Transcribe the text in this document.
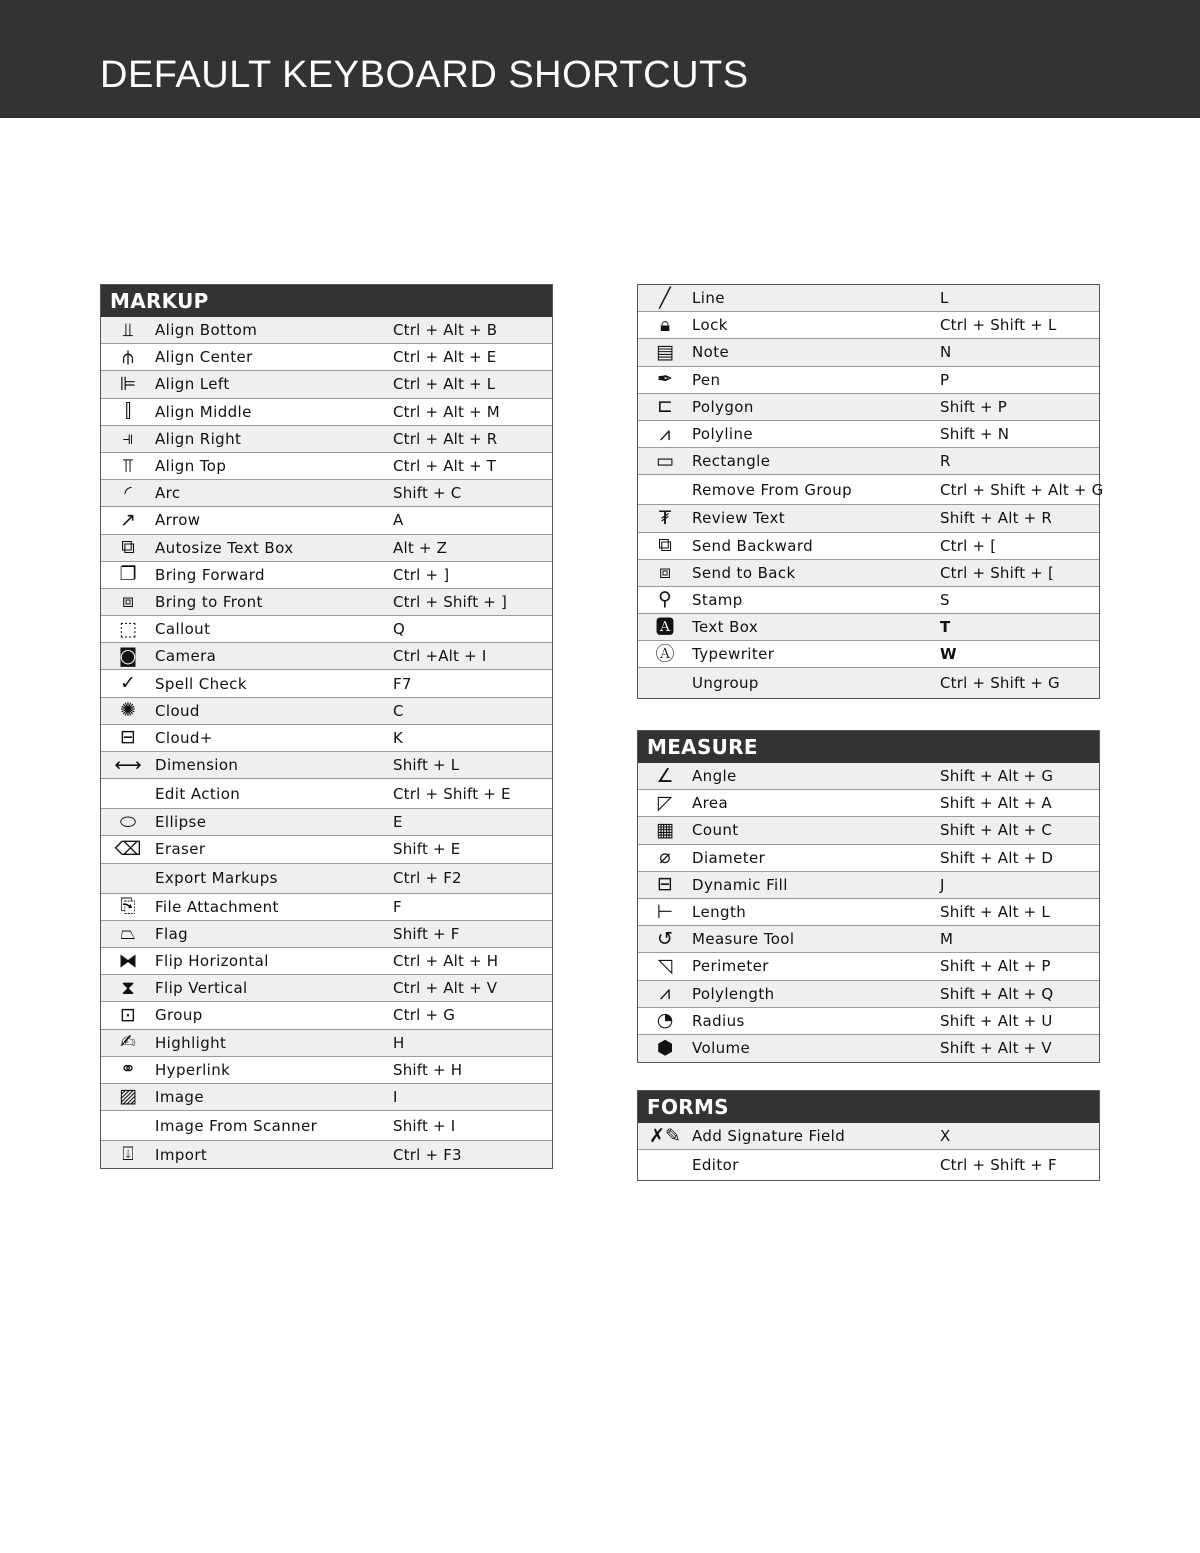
DEFAULT KEYBOARD SHORTCUTS
MARKUP
⫫	Align Bottom	Ctrl + Alt + B
⫛	Align Center	Ctrl + Alt + E
⊫	Align Left	Ctrl + Alt + L
⫿	Align Middle	Ctrl + Alt + M
⫣	Align Right	Ctrl + Alt + R
⫪	Align Top	Ctrl + Alt + T
◜	Arc	Shift + C
↗	Arrow	A
⧉	Autosize Text Box	Alt + Z
❐	Bring Forward	Ctrl + ]
⧈	Bring to Front	Ctrl + Shift + ]
⬚	Callout	Q
◙	Camera	Ctrl +Alt + I
✓	Spell Check	F7
✺	Cloud	C
⊟	Cloud+	K
⟷ Dimension	Shift + L
Edit Action	Ctrl + Shift + E
⬭	Ellipse	E
⌫ Eraser	Shift + E
Export Markups	Ctrl + F2
⎘	File Attachment	F
⏢	Flag	Shift + F
⧓	Flip Horizontal	Ctrl + Alt + H
⧗	Flip Vertical	Ctrl + Alt + V
⊡	Group	Ctrl + G
✍	Highlight	H
⚭	Hyperlink	Shift + H
▨	Image	I
Image From Scanner	Shift + I
⍗	Import	Ctrl + F3
╱	Line	L
🔒︎	Lock	Ctrl + Shift + L
▤	Note	N
✒	Pen	P
⊏	Polygon	Shift + P
⩘	Polyline	Shift + N
▭	Rectangle	R
Remove From Group	Ctrl + Shift + Alt + G
₮	Review Text	Shift + Alt + R
⧉	Send Backward	Ctrl + [
⧈	Send to Back	Ctrl + Shift + [
⚲	Stamp	S
🅰	Text Box	T
Ⓐ	Typewriter	W
Ungroup	Ctrl + Shift + G
MEASURE
∠	Angle	Shift + Alt + G
◸	Area	Shift + Alt + A
▦	Count	Shift + Alt + C
⌀	Diameter	Shift + Alt + D
⊟	Dynamic Fill	J
⊢	Length	Shift + Alt + L
↺	Measure Tool	M
◹	Perimeter	Shift + Alt + P
⩘	Polylength	Shift + Alt + Q
◔	Radius	Shift + Alt + U
⬢	Volume	Shift + Alt + V
FORMS
✗✎ Add Signature Field	X
Editor	Ctrl + Shift + F
